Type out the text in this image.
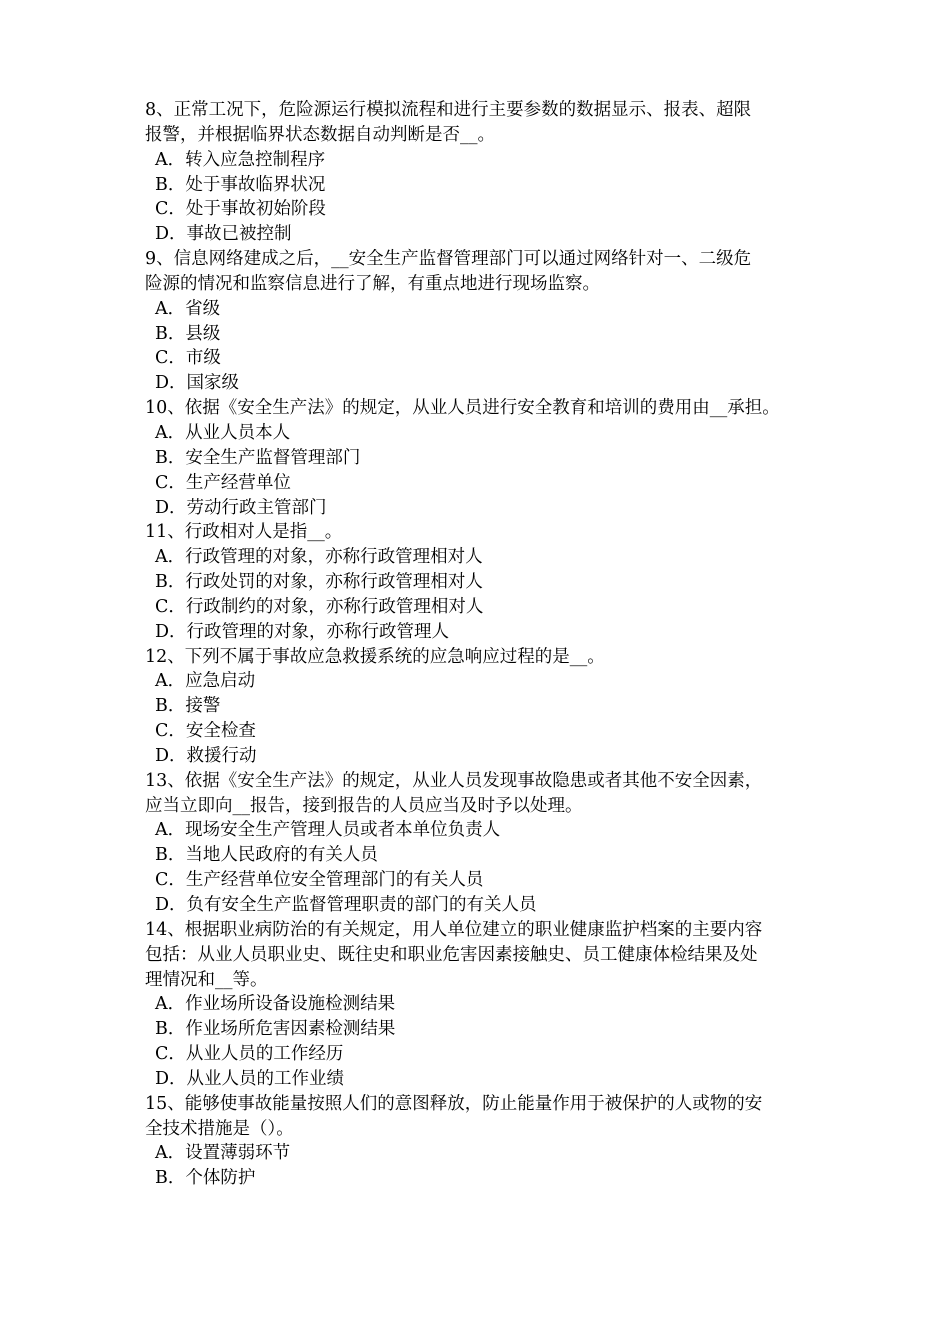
8、正常工况下，危险源运行模拟流程和进行主要参数的数据显示、报表、超限
报警，并根据临界状态数据自动判断是否__。
A．转入应急控制程序
B．处于事故临界状况
C．处于事故初始阶段
D．事故已被控制
9、信息网络建成之后，__安全生产监督管理部门可以通过网络针对一、二级危
险源的情况和监察信息进行了解，有重点地进行现场监察。
A．省级
B．县级
C．市级
D．国家级
10、依据《安全生产法》的规定，从业人员进行安全教育和培训的费用由__承担。
A．从业人员本人
B．安全生产监督管理部门
C．生产经营单位
D．劳动行政主管部门
11、行政相对人是指__。
A．行政管理的对象，亦称行政管理相对人
B．行政处罚的对象，亦称行政管理相对人
C．行政制约的对象，亦称行政管理相对人
D．行政管理的对象，亦称行政管理人
12、下列不属于事故应急救援系统的应急响应过程的是__。
A．应急启动
B．接警
C．安全检查
D．救援行动
13、依据《安全生产法》的规定，从业人员发现事故隐患或者其他不安全因素，
应当立即向__报告，接到报告的人员应当及时予以处理。
A．现场安全生产管理人员或者本单位负责人
B．当地人民政府的有关人员
C．生产经营单位安全管理部门的有关人员
D．负有安全生产监督管理职责的部门的有关人员
14、根据职业病防治的有关规定，用人单位建立的职业健康监护档案的主要内容
包括：从业人员职业史、既往史和职业危害因素接触史、员工健康体检结果及处
理情况和__等。
A．作业场所设备设施检测结果
B．作业场所危害因素检测结果
C．从业人员的工作经历
D．从业人员的工作业绩
15、能够使事故能量按照人们的意图释放，防止能量作用于被保护的人或物的安
全技术措施是（）。
A．设置薄弱环节
B．个体防护
